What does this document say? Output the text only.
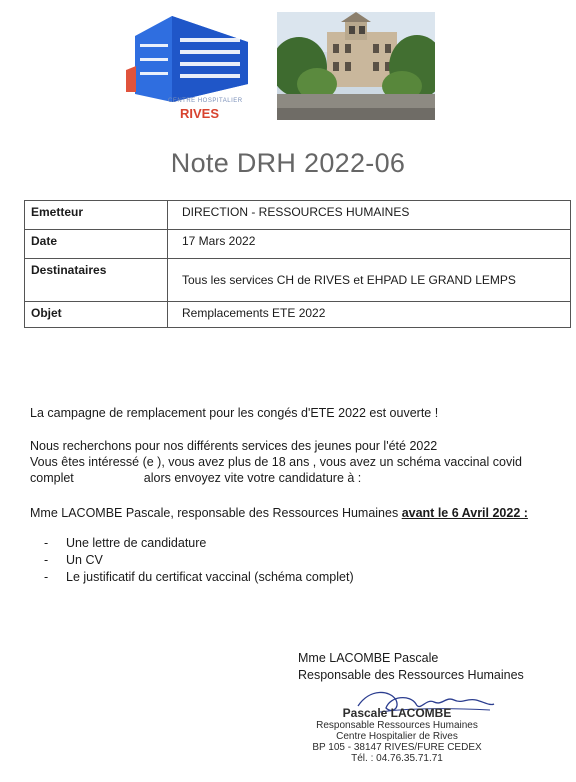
CENTRE HOSPITALIER
RIVES
Note DRH 2022-06
Emetteur	DIRECTION - RESSOURCES HUMAINES
Date	17 Mars 2022
Destinataires	Tous les services CH de RIVES et EHPAD LE GRAND LEMPS
Objet	Remplacements ETE 2022
La campagne de remplacement pour les congés d'ETE 2022 est ouverte !
Nous recherchons pour nos différents services des jeunes pour l'été 2022
Vous êtes intéressé (e ), vous avez plus de 18 ans , vous avez un schéma vaccinal covid
complet	alors envoyez vite votre candidature à :
Mme LACOMBE Pascale, responsable des Ressources Humaines avant le 6 Avril 2022 :
- Une lettre de candidature
- Un CV
- Le justificatif du certificat vaccinal (schéma complet)
Mme LACOMBE Pascale
Responsable des Ressources Humaines
Pascale LACOMBE
Responsable Ressources Humaines
Centre Hospitalier de Rives
BP 105 - 38147 RIVES/FURE CEDEX
Tél. : 04.76.35.71.71
